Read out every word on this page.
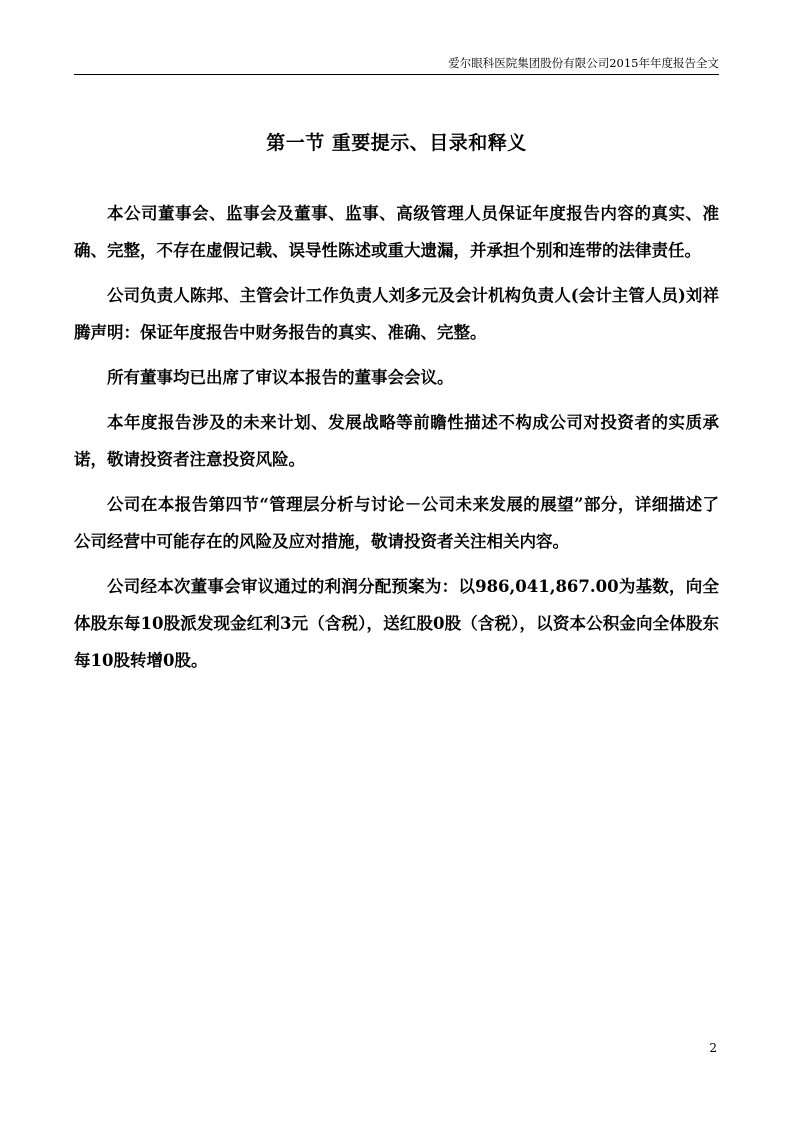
爱尔眼科医院集团股份有限公司2015年年度报告全文
第一节 重要提示、目录和释义

本公司董事会、监事会及董事、监事、高级管理人员保证年度报告内容的真实、准确、完整，不存在虚假记载、误导性陈述或重大遗漏，并承担个别和连带的法律责任。

公司负责人陈邦、主管会计工作负责人刘多元及会计机构负责人(会计主管人员)刘祥腾声明：保证年度报告中财务报告的真实、准确、完整。

所有董事均已出席了审议本报告的董事会会议。

本年度报告涉及的未来计划、发展战略等前瞻性描述不构成公司对投资者的实质承诺，敬请投资者注意投资风险。

公司在本报告第四节“管理层分析与讨论－公司未来发展的展望”部分，详细描述了公司经营中可能存在的风险及应对措施，敬请投资者关注相关内容。

公司经本次董事会审议通过的利润分配预案为：以986,041,867.00为基数，向全体股东每10股派发现金红利3元（含税），送红股0股（含税），以资本公积金向全体股东每10股转增0股。

2
